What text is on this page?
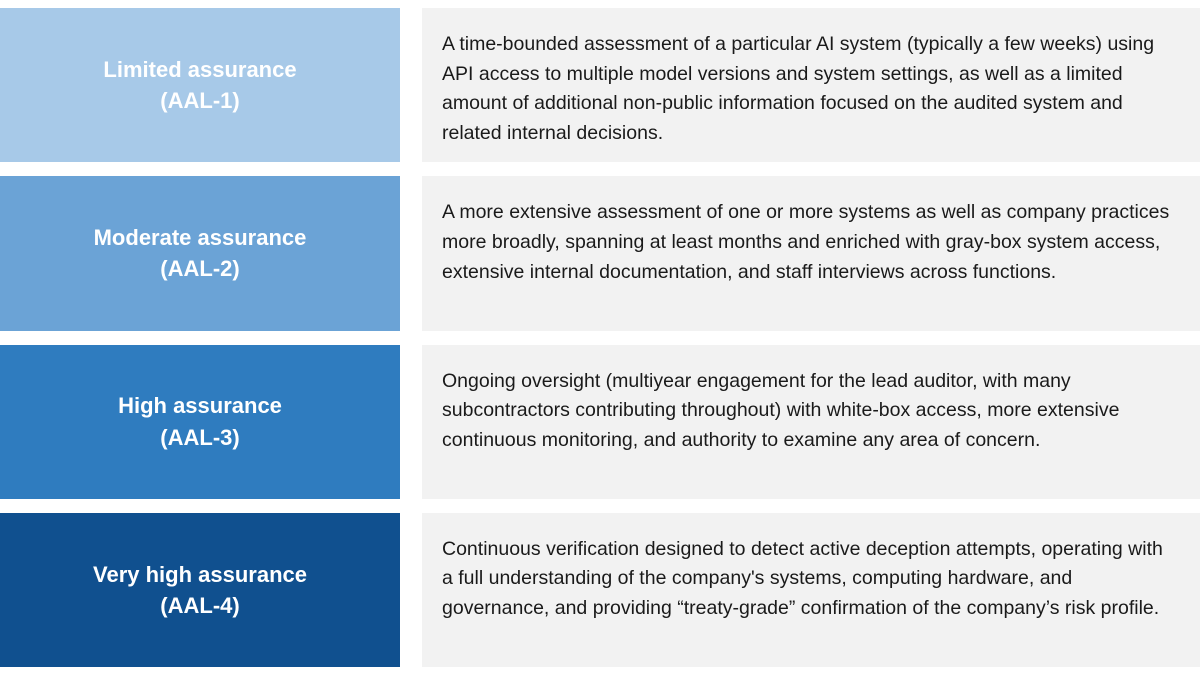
Limited assurance
(AAL-1)
A time-bounded assessment of a particular AI system (typically a few weeks) using API access to multiple model versions and system settings, as well as a limited amount of additional non-public information focused on the audited system and related internal decisions.
Moderate assurance
(AAL-2)
A more extensive assessment of one or more systems as well as company practices more broadly, spanning at least months and enriched with gray-box system access, extensive internal documentation, and staff interviews across functions.
High assurance
(AAL-3)
Ongoing oversight (multiyear engagement for the lead auditor, with many subcontractors contributing throughout) with white-box access, more extensive continuous monitoring, and authority to examine any area of concern.
Very high assurance
(AAL-4)
Continuous verification designed to detect active deception attempts, operating with a full understanding of the company's systems, computing hardware, and governance, and providing “treaty-grade” confirmation of the company’s risk profile.
